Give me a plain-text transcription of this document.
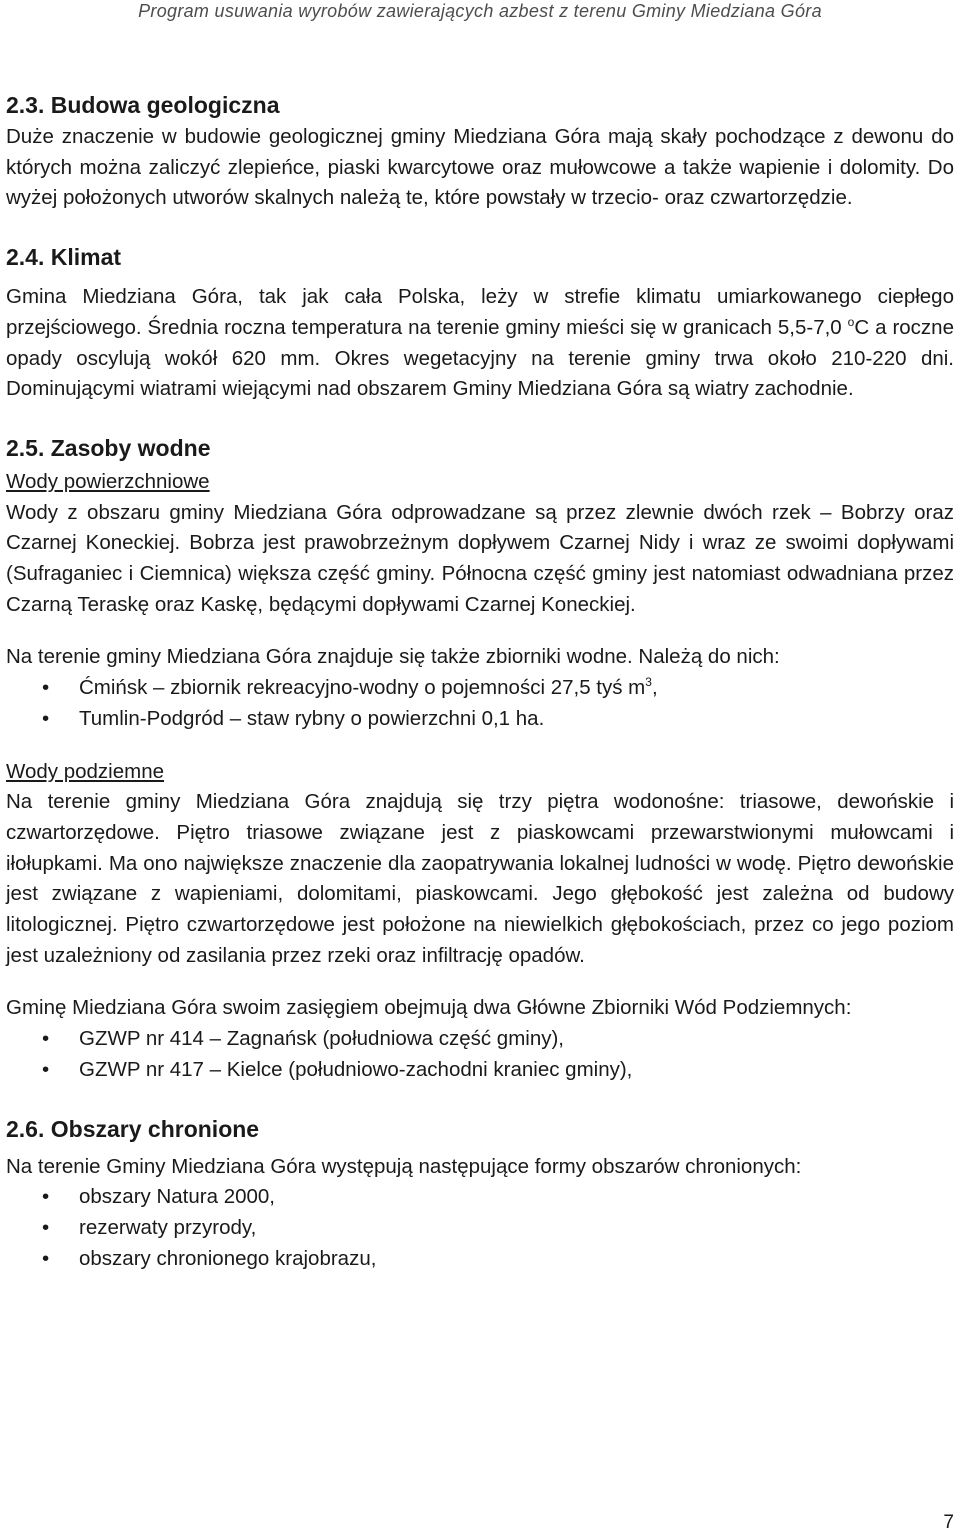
Program usuwania wyrobów zawierających azbest z terenu Gminy Miedziana Góra
2.3. Budowa geologiczna

Duże znaczenie w budowie geologicznej gminy Miedziana Góra mają skały pochodzące z dewonu do których można zaliczyć zlepieńce, piaski kwarcytowe oraz mułowcowe a także wapienie i dolomity. Do wyżej położonych utworów skalnych należą te, które powstały w trzecio- oraz czwartorzędzie.

2.4. Klimat

Gmina Miedziana Góra, tak jak cała Polska, leży w strefie klimatu umiarkowanego ciepłego przejściowego. Średnia roczna temperatura na terenie gminy mieści się w granicach 5,5-7,0 $^o$C a roczne opady oscylują wokół 620 mm. Okres wegetacyjny na terenie gminy trwa około 210-220 dni. Dominującymi wiatrami wiejącymi nad obszarem Gminy Miedziana Góra są wiatry zachodnie.

2.5. Zasoby wodne

Wody powierzchniowe

Wody z obszaru gminy Miedziana Góra odprowadzane są przez zlewnie dwóch rzek – Bobrzy oraz Czarnej Koneckiej. Bobrza jest prawobrzeżnym dopływem Czarnej Nidy i wraz ze swoimi dopływami (Sufraganiec i Ciemnica) większa część gminy. Północna część gminy jest natomiast odwadniana przez Czarną Teraskę oraz Kaskę, będącymi dopływami Czarnej Koneckiej.

Na terenie gminy Miedziana Góra znajduje się także zbiorniki wodne. Należą do nich:

• Ćmińsk – zbiornik rekreacyjno-wodny o pojemności 27,5 tyś $m^3$,
• Tumlin-Podgród – staw rybny o powierzchni 0,1 ha.

Wody podziemne

Na terenie gminy Miedziana Góra znajdują się trzy piętra wodonośne: triasowe, dewońskie i czwartorzędowe. Piętro triasowe związane jest z piaskowcami przewarstwionymi mułowcami i iłołupkami. Ma ono największe znaczenie dla zaopatrywania lokalnej ludności w wodę. Piętro dewońskie jest związane z wapieniami, dolomitami, piaskowcami. Jego głębokość jest zależna od budowy litologicznej. Piętro czwartorzędowe jest położone na niewielkich głębokościach, przez co jego poziom jest uzależniony od zasilania przez rzeki oraz infiltrację opadów.

Gminę Miedziana Góra swoim zasięgiem obejmują dwa Główne Zbiorniki Wód Podziemnych:

• GZWP nr 414 – Zagnańsk (południowa część gminy),
• GZWP nr 417 – Kielce (południowo-zachodni kraniec gminy),
2.6. Obszary chronione

Na terenie Gminy Miedziana Góra występują następujące formy obszarów chronionych:

• obszary Natura 2000,
• rezerwaty przyrody,
• obszary chronionego krajobrazu,
7
